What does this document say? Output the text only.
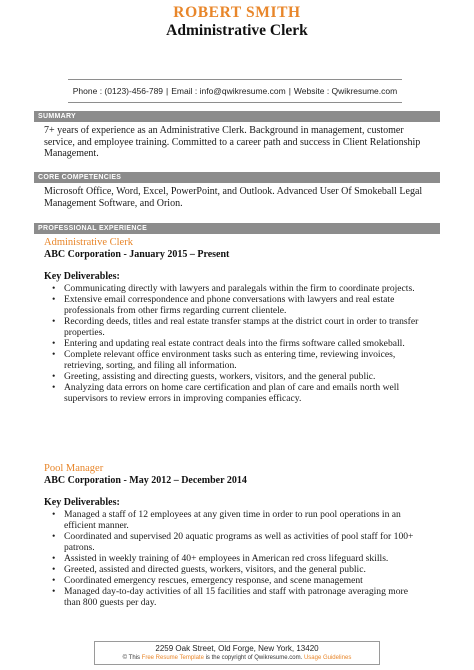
ROBERT SMITH
Administrative Clerk
Phone : (0123)-456-789 | Email : info@qwikresume.com | Website : Qwikresume.com
SUMMARY
7+ years of experience as an Administrative Clerk. Background in management, customer service, and employee training. Committed to a career path and success in Client Relationship Management.
CORE COMPETENCIES
Microsoft Office, Word, Excel, PowerPoint, and Outlook. Advanced User Of Smokeball Legal Management Software, and Orion.
PROFESSIONAL EXPERIENCE
Administrative Clerk
ABC Corporation - January 2015 – Present
Key Deliverables:
• Communicating directly with lawyers and paralegals within the firm to coordinate projects.
• Extensive email correspondence and phone conversations with lawyers and real estate professionals from other firms regarding current clientele.
• Recording deeds, titles and real estate transfer stamps at the district court in order to transfer properties.
• Entering and updating real estate contract deals into the firms software called smokeball.
• Complete relevant office environment tasks such as entering time, reviewing invoices, retrieving, sorting, and filing all information.
• Greeting, assisting and directing guests, workers, visitors, and the general public.
• Analyzing data errors on home care certification and plan of care and emails north well supervisors to review errors in improving companies efficacy.
Pool Manager
ABC Corporation - May 2012 – December 2014
Key Deliverables:
• Managed a staff of 12 employees at any given time in order to run pool operations in an efficient manner.
• Coordinated and supervised 20 aquatic programs as well as activities of pool staff for 100+ patrons.
• Assisted in weekly training of 40+ employees in American red cross lifeguard skills.
• Greeted, assisted and directed guests, workers, visitors, and the general public.
• Coordinated emergency rescues, emergency response, and scene management
• Managed day-to-day activities of all 15 facilities and staff with patronage averaging more than 800 guests per day.
2259 Oak Street, Old Forge, New York, 13420
© This Free Resume Template is the copyright of Qwikresume.com. Usage Guidelines
